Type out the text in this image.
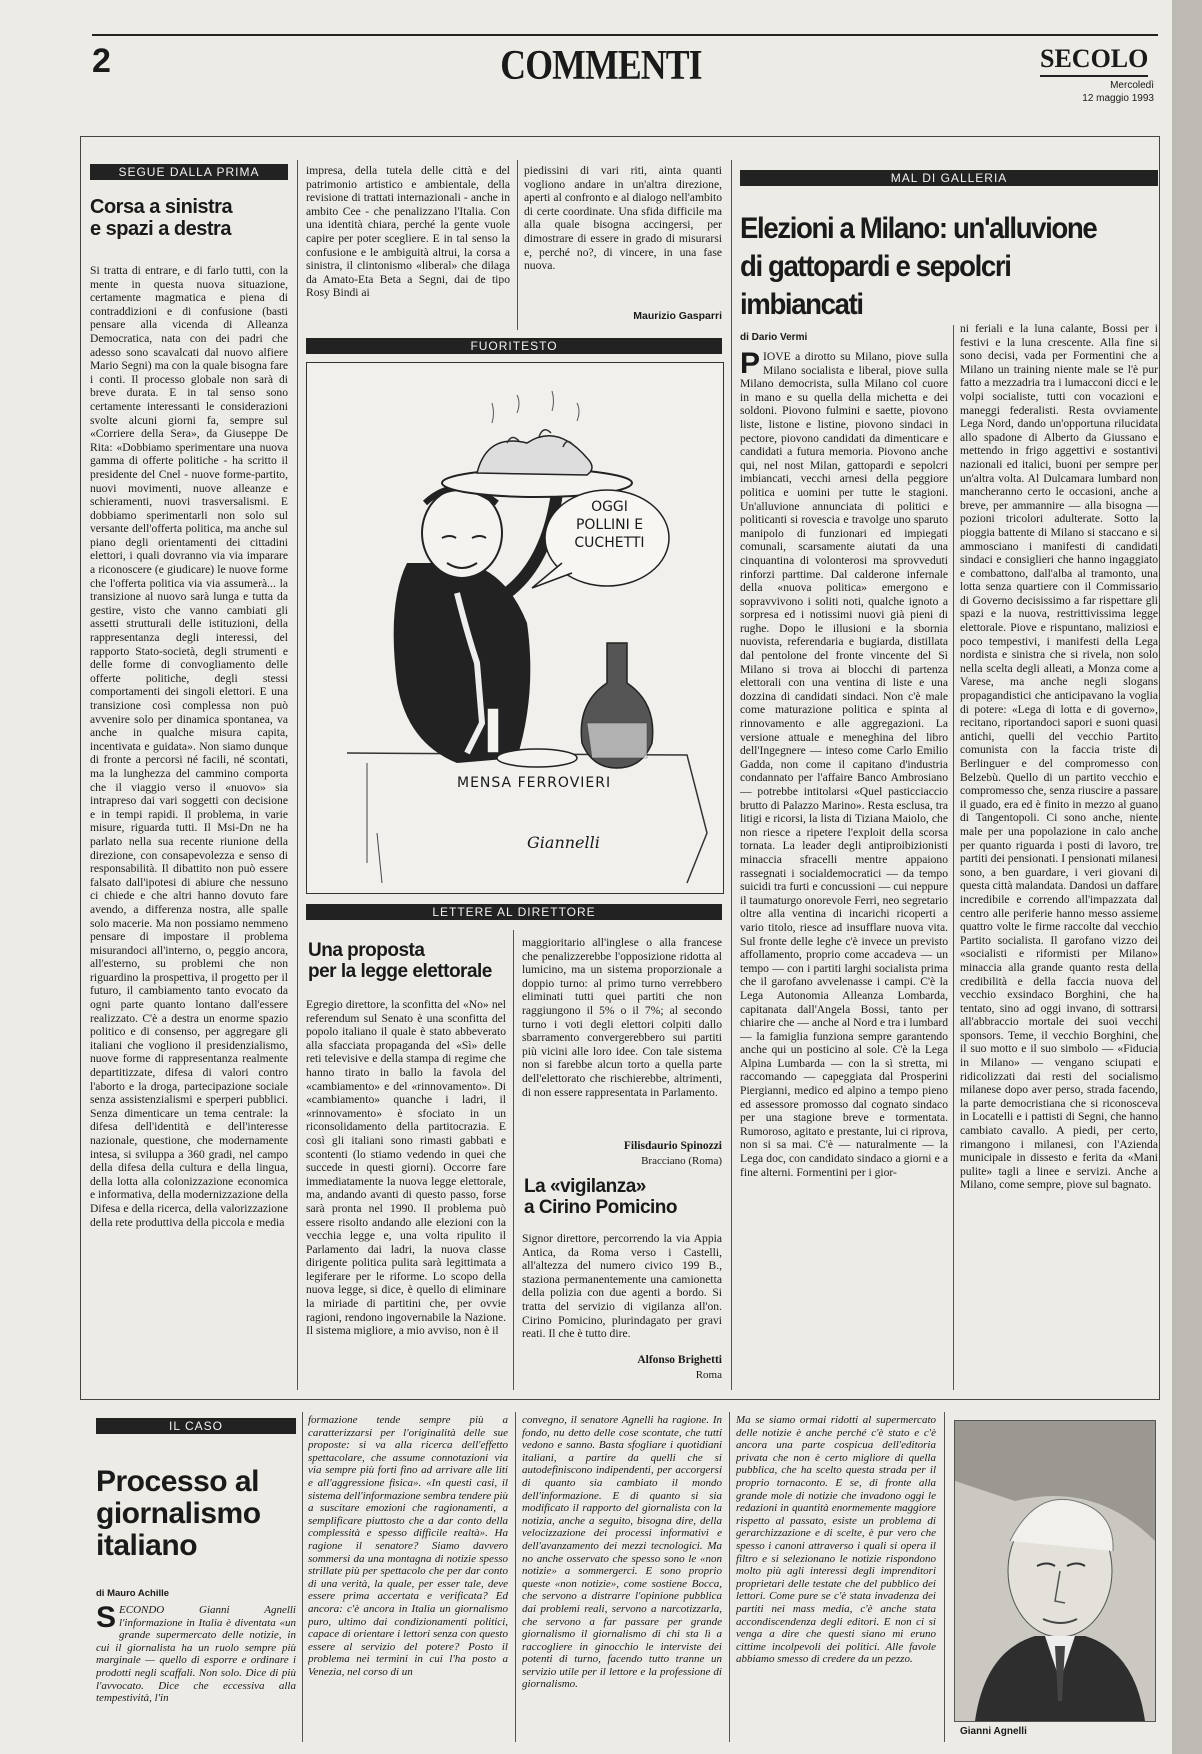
2	COMMENTI	SECOLO
Mercoledì
12 maggio 1993
SEGUE DALLA PRIMA
Corsa a sinistra
e spazi a destra
Si tratta di entrare, e di farlo tutti, con la mente in questa nuova situazione, certamente magmatica e piena di contraddizioni e di confusione (basti pensare alla vicenda di Alleanza Democratica, nata con dei padri che adesso sono scavalcati dal nuovo alfiere Mario Segni) ma con la quale bisogna fare i conti. Il processo globale non sarà di breve durata. E in tal senso sono certamente interessanti le considerazioni svolte alcuni giorni fa, sempre sul «Corriere della Sera», da Giuseppe De Rita: «Dobbiamo sperimentare una nuova gamma di offerte politiche - ha scritto il presidente del Cnel - nuove forme-partito, nuovi movimenti, nuove alleanze e schieramenti, nuovi trasversalismi. E dobbiamo sperimentarli non solo sul versante dell'offerta politica, ma anche sul piano degli orientamenti dei cittadini elettori, i quali dovranno via via imparare a riconoscere (e giudicare) le nuove forme che l'offerta politica via via assumerà... la transizione al nuovo sarà lunga e tutta da gestire, visto che vanno cambiati gli assetti strutturali delle istituzioni, della rappresentanza degli interessi, del rapporto Stato-società, degli strumenti e delle forme di convogliamento delle offerte politiche, degli stessi comportamenti dei singoli elettori. E una transizione così complessa non può avvenire solo per dinamica spontanea, va anche in qualche misura capita, incentivata e guidata». Non siamo dunque di fronte a percorsi né facili, né scontati, ma la lunghezza del cammino comporta che il viaggio verso il «nuovo» sia intrapreso dai vari soggetti con decisione e in tempi rapidi. Il problema, in varie misure, riguarda tutti. Il Msi-Dn ne ha parlato nella sua recente riunione della direzione, con consapevolezza e senso di responsabilità. Il dibattito non può essere falsato dall'ipotesi di abiure che nessuno ci chiede e che altri hanno dovuto fare avendo, a differenza nostra, alle spalle solo macerie. Ma non possiamo nemmeno pensare di impostare il problema misurandoci all'interno, o, peggio ancora, all'esterno, su problemi che non riguardino la prospettiva, il progetto per il futuro, il cambiamento tanto evocato da ogni parte quanto lontano dall'essere realizzato. C'è a destra un enorme spazio politico e di consenso, per aggregare gli italiani che vogliono il presidenzialismo, nuove forme di rappresentanza realmente departitizzate, difesa di valori contro l'aborto e la droga, partecipazione sociale senza assistenzialismi e sperperi pubblici. Senza dimenticare un tema centrale: la difesa dell'identità e dell'interesse nazionale, questione, che modernamente intesa, si sviluppa a 360 gradi, nel campo della difesa della cultura e della lingua, della lotta alla colonizzazione economica e informativa, della modernizzazione della Difesa e della ricerca, della valorizzazione della rete produttiva della piccola e media
impresa, della tutela delle città e del patrimonio artistico e ambientale, della revisione di trattati internazionali - anche in ambito Cee - che penalizzano l'Italia. Con una identità chiara, perché la gente vuole capire per poter scegliere. E in tal senso la confusione e le ambiguità altrui, la corsa a sinistra, il clintonismo «liberal» che dilaga da Amato-Eta Beta a Segni, dai de tipo Rosy Bindi ai
piedissini di vari riti, ainta quanti vogliono andare in un'altra direzione, aperti al confronto e al dialogo nell'ambito di certe coordinate. Una sfida difficile ma alla quale bisogna accingersi, per dimostrare di essere in grado di misurarsi e, perché no?, di vincere, in una fase nuova.
Maurizio Gasparri
FUORITESTO
OGGI
POLLINI E
CUCHETTI
MENSA FERROVIERI
Giannelli
LETTERE AL DIRETTORE
Una proposta
per la legge elettorale
Egregio direttore, la sconfitta del «No» nel referendum sul Senato è una sconfitta del popolo italiano il quale è stato abbeverato alla sfacciata propaganda del «Sì» delle reti televisive e della stampa di regime che hanno tirato in ballo la favola del «cambiamento» e del «rinnovamento». Di «cambiamento» quanche i ladri, il «rinnovamento» è sfociato in un riconsolidamento della partitocrazia. E così gli italiani sono rimasti gabbati e scontenti (lo stiamo vedendo in quei che succede in questi giorni). Occorre fare immediatamente la nuova legge elettorale, ma, andando avanti di questo passo, forse sarà pronta nel 1990. Il problema può essere risolto andando alle elezioni con la vecchia legge e, una volta ripulito il Parlamento dai ladri, la nuova classe dirigente politica pulita sarà legittimata a legiferare per le riforme. Lo scopo della nuova legge, si dice, è quello di eliminare la miriade di partitini che, per ovvie ragioni, rendono ingovernabile la Nazione. Il sistema migliore, a mio avviso, non è il
maggioritario all'inglese o alla francese che penalizzerebbe l'opposizione ridotta al lumicino, ma un sistema proporzionale a doppio turno: al primo turno verrebbero eliminati tutti quei partiti che non raggiungono il 5% o il 7%; al secondo turno i voti degli elettori colpiti dallo sbarramento convergerebbero sui partiti più vicini alle loro idee. Con tale sistema non si farebbe alcun torto a quella parte dell'elettorato che rischierebbe, altrimenti, di non essere rappresentata in Parlamento.
Filisdaurio Spinozzi
Bracciano (Roma)
La «vigilanza»
a Cirino Pomicino
Signor direttore, percorrendo la via Appia Antica, da Roma verso i Castelli, all'altezza del numero civico 199 B., stazionа permanentemente una camionetta della polizia con due agenti a bordo. Si tratta del servizio di vigilanza all'on. Cirino Pomicino, plurindagato per gravi reati. Il che è tutto dire.
Alfonso Brighetti
Roma
MAL DI GALLERIA
Elezioni a Milano: un'alluvione
di gattopardi e sepolcri imbiancati
di Dario Vermi
PIOVE a dirotto su Milano, piove sulla Milano socialista e liberal, piove sulla Milano democristа, sulla Milano col cuore in mano e su quella della michetta e dei soldoni. Piovono fulmini e saette, piovono liste, listone e listine, piovono sindaci in pectore, piovono candidati da dimenticare e candidati a futura memoria. Piovono anche qui, nel nost Milan, gattopardi e sepolcri imbiancati, vecchi arnesi della peggiore politica e uomini per tutte le stagioni. Un'alluvione annunciata di politici e politicanti si rovescia e travolge uno sparuto manipolo di funzionari ed impiegati comunali, scarsamente aiutati da una cinquantina di volonterosi ma sprovveduti rinforzi parttime. Dal calderone infernale della «nuova politica» emergono e sopravvivono i soliti noti, qualche ignoto a sorpresa ed i notissimi nuovi già pieni di rughe. Dopo le illusioni e la sbornia nuovista, referendaria e bugiarda, distillata dal pentolone del fronte vincente del Sì Milano si trova ai blocchi di partenza elettorali con una ventina di liste e una dozzina di candidati sindaci. Non c'è male come maturazione politica e spinta al rinnovamento e alle aggregazioni. La versione attuale e meneghina del libro dell'Ingegnere — inteso come Carlo Emilio Gadda, non come il capitano d'industria condannato per l'affaire Banco Ambrosiano — potrebbe intitolarsi «Quel pasticciaccio brutto di Palazzo Marino». Resta esclusa, tra litigi e ricorsi, la lista di Tiziana Maiolo, che non riesce a ripetere l'exploit della scorsa tornata. La leader degli antiproibizionisti minaccia sfracelli mentre appaiono rassegnati i socialdemocratici — da tempo suicidi tra furti e concussioni — cui neppure il taumaturgo onorevole Ferri, neo segretario oltre alla ventina di incarichi ricoperti a vario titolo, riesce ad insufflare nuova vita. Sul fronte delle leghe c'è invece un previsto affollamento, proprio come accadeva — un tempo — con i partiti larghi socialista primа che il garofano avvelenasse i campi. C'è la Lega Autonomia Alleanza Lombarda, capitanata dall'Angela Bossi, tanto per chiarire che — anche al Nord e tra i lumbard — la famiglia funziona sempre garantendo anche qui un posticino al sole. C'è la Lega Alpina Lumbarda — con la sì stretta, mi raccomando — capeggiata dal Prosperini Piergianni, medico ed alpino a tempo pieno ed assessore promosso dal cognato sindaco per una stagione breve e tormentata. Rumoroso, agitato e prestante, lui ci riprova, non si sa mai. C'è — naturalmente — la Lega doc, con candidato sindaco a giorni e a fine alterni. Formentini per i gior-
ni feriali e la luna calante, Bossi per i festivi e la luna crescente. Alla fine si sono decisi, vada per Formentini che a Milano un training niente male se l'è pur fatto a mezzadria tra i lumacconi dicci e le volpi socialiste, tutti con vocazioni e maneggi federalisti. Resta ovviamente Lega Nord, dando un'opportuna rilucidata allo spadone di Alberto da Giussano e mettendo in frigo aggettivi e sostantivi nazionali ed italici, buoni per sempre per un'altra volta. Al Dulcamara lumbard non mancheranno certo le occasioni, anche a breve, per ammannire — alla bisogna — pozioni tricolori adulterate. Sotto la pioggia battente di Milano si staccano e si ammosciano i manifesti di candidati sindaci e consiglieri che hanno ingaggiato e combattono, dall'alba al tramonto, una lotta senza quartiere con il Commissario di Governo decisissimo a far rispettare gli spazi e la nuova, restrittivissima legge elettorale. Piove e rispuntano, maliziosi e poco tempestivi, i manifesti della Lega nordista e sinistra che si rivela, non solo nella scelta degli alleati, a Monza come a Varese, ma anche negli slogans propagandistici che anticipavano la voglia di potere: «Lega di lotta e di governo», recitano, riportandoci sapori e suoni quasi antichi, quelli del vecchio Partito comunista con la faccia triste di Berlinguer e del compromesso con Belzebù. Quello di un partito vecchio e compromesso che, senza riuscire a passare il guado, era ed è finito in mezzo al guano di Tangentopoli. Ci sono anche, niente male per una popolazione in calo anche per quanto riguarda i posti di lavoro, tre partiti dei pensionati. I pensionati milanesi sono, a ben guardare, i veri giovani di questa città malandata. Dandosi un daffare incredibile e correndo all'impazzata dal centro alle periferie hanno messo assieme quattro volte le firme raccolte dal vecchio Partito socialista. Il garofano vizzo dei «socialisti e riformisti per Milano» minaccia alla grande quanto resta della credibilità e della faccia nuova del vecchio exsindaco Borghini, che ha tentato, sino ad oggi invano, di sottrarsi all'abbraccio mortale dei suoi vecchi sponsors. Teme, il vecchio Borghini, che il suo motto e il suo simbolo — «Fiducia in Milano» — vengano sciupati e ridicolizzati dai resti del socialismo milanese dopo aver perso, strada facendo, la parte democristiana che si riconosceva in Locatelli e i pattisti di Segni, che hanno cambiato cavallo. A piedi, per certo, rimangono i milanesi, con l'Azienda municipale in dissesto e ferita da «Mani pulite» tagli a linee e servizi. Anche a Milano, come sempre, piove sul bagnato.
IL CASO
Processo al
giornalismo
italiano
di Mauro Achille
SECONDO Gianni Agnelli l'informazione in Italia è diventata «un grande supermercato delle notizie, in cui il giornalista ha un ruolo sempre più marginale — quello di esporre e ordinare i prodotti negli scaffali. Non solo. Dice di più l'avvocato. Dice che eccessiva alla tempestività, l'in
formazione tende sempre più a caratterizzarsi per l'originalità delle sue proposte: si va alla ricerca dell'effetto spettacolare, che assume connotazioni via via sempre più forti fino ad arrivare alle liti e all'aggressione fisica». «In questi casi, il sistema dell'informazione sembra tendere più a suscitare emozioni che ragionamenti, a semplificare piuttosto che a dar conto della complessità e spesso difficile realtà». Ha ragione il senatore? Siamo davvero sommersi da una montagna di notizie spesso strillate più per spettacolo che per dar conto di una verità, la quale, per esser tale, deve essere prima accertata e verificata? Ed ancora: c'è ancora in Italia un giornalismo puro, ultimo dai condizionamenti politici, capace di orientare i lettori senza con questo essere al servizio del potere? Posto il problema nei termini in cui l'ha posto a Venezia, nel corso di un
convegno, il senatore Agnelli ha ragione. In fondo, nu detto delle cose scontate, che tutti vedono e sanno. Basta sfogliare i quotidiani italiani, a partire da quelli che si autodefiniscono indipendenti, per accorgersi di quanto sia cambiato il mondo dell'informazione. E di quanto si sia modificato il rapporto del giornalista con la notizia, anche a seguito, bisogna dire, della velocizzazione dei processi informativi e dell'avanzamento dei mezzi tecnologici. Ma no anche osservato che spesso sono le «non notizie» a sommergerci. E sono proprio queste «non notizie», come sostiene Bocca, che servono a distrarre l'opinione pubblica dai problemi reali, servono a narcotizzarla, che servono a far passare per grande giornalismo il giornalismo di chi sta lì a raccogliere in ginocchio le interviste dei potenti di turno, facendo tutto tranne un servizio utile per il lettore e la professione di giornalismo.
Ma se siamo ormai ridotti al supermercato delle notizie è anche perché c'è stato e c'è ancora una parte cospicua dell'editoria privata che non è certo migliore di quella pubblica, che ha scelto questa strada per il proprio tornaconto. E se, di fronte alla grande mole di notizie che invadono oggi le redazioni in quantità enormemente maggiore rispetto al passato, esiste un problema di gerarchizzazione e di scelte, è pur vero che spesso i canoni attraverso i quali si opera il filtro e si selezionano le notizie rispondono molto più agli interessi degli imprenditori proprietari delle testate che del pubblico dei lettori. Come pure se c'è stata invadenza dei partiti nei mass media, c'è anche stata accondiscendenza degli editori. E non ci si venga a dire che questi siano mi eruno cittime incolpevoli dei politici. Alle favole abbiamo smesso di credere da un pezzo.
Gianni Agnelli
